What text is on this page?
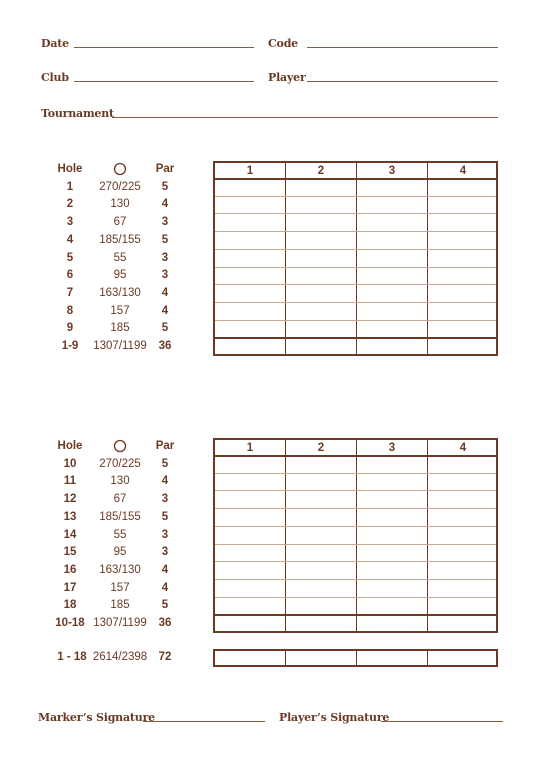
Date	Code
Club	Player
Tournament
Hole	Par
1	270/225	5
2	130	4
3	67	3
4	185/155	5
5	55	3
6	95	3
7	163/130	4
8	157	4
9	185	5
1-9	1307/1199	36
1	2	3	4
Hole	Par
10	270/225	5
11	130	4
12	67	3
13	185/155	5
14	55	3
15	95	3
16	163/130	4
17	157	4
18	185	5
10-18 1307/1199	36
1	2	3	4
1 - 18 2614/2398 72
Marker’s Signature	Player’s Signature
